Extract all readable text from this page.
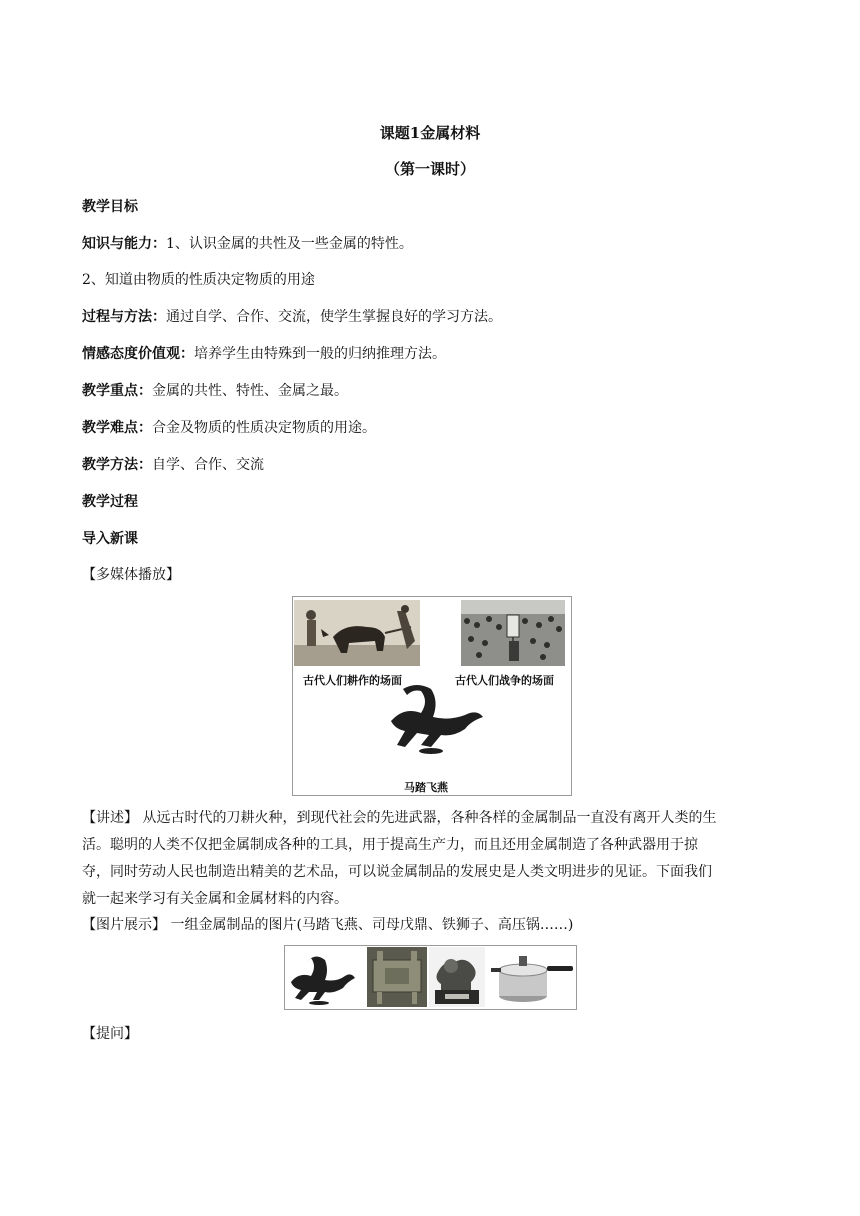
课题1金属材料
（第一课时）
教学目标
知识与能力：1、认识金属的共性及一些金属的特性。
2、知道由物质的性质决定物质的用途
过程与方法：通过自学、合作、交流，使学生掌握良好的学习方法。
情感态度价值观：培养学生由特殊到一般的归纳推理方法。
教学重点：金属的共性、特性、金属之最。
教学难点：合金及物质的性质决定物质的用途。
教学方法：自学、合作、交流
教学过程
导入新课
【多媒体播放】
古代人们耕作的场面	古代人们战争的场面
马踏飞燕
【讲述】 从远古时代的刀耕火种，到现代社会的先进武器，各种各样的金属制品一直没有离开人类的生
活。聪明的人类不仅把金属制成各种的工具，用于提高生产力，而且还用金属制造了各种武器用于掠
夺，同时劳动人民也制造出精美的艺术品，可以说金属制品的发展史是人类文明进步的见证。下面我们
就一起来学习有关金属和金属材料的内容。
【图片展示】 一组金属制品的图片(马踏飞燕、司母戊鼎、铁狮子、高压锅……)
【提问】
